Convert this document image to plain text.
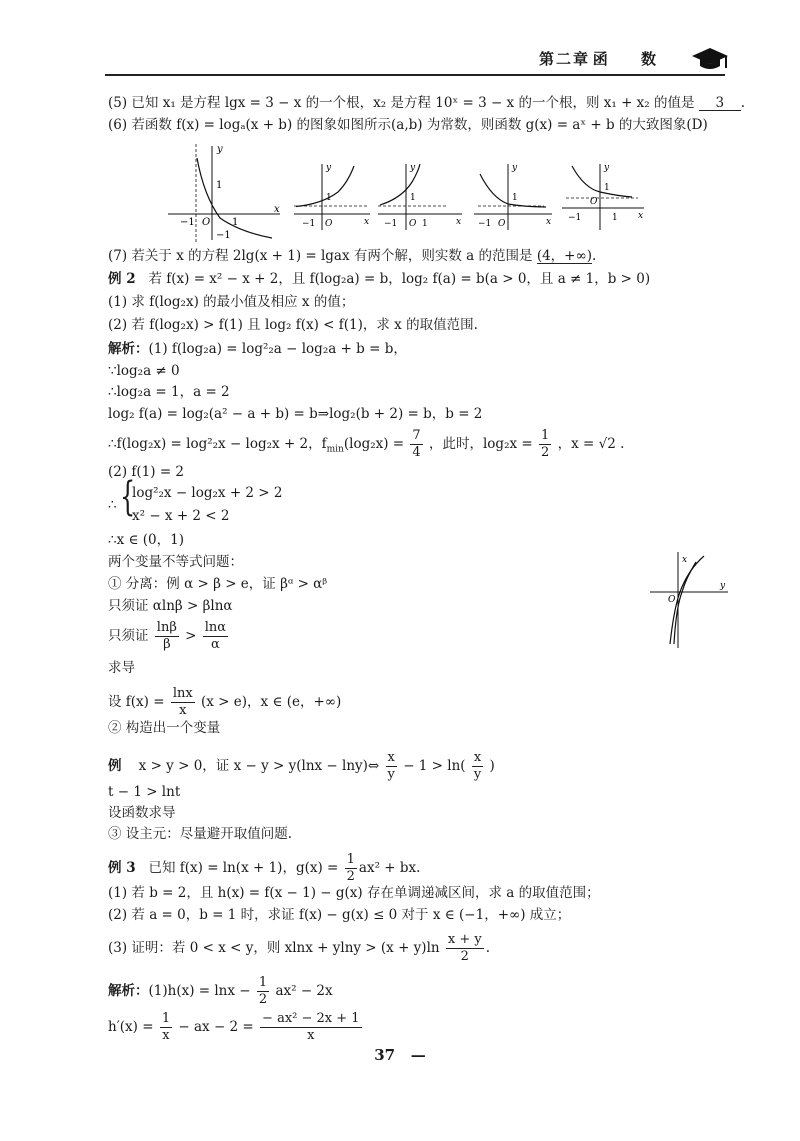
第二章 函 数
(5) 已知 x₁ 是方程 lgx = 3 − x 的一个根，x₂ 是方程 10ˣ = 3 − x 的一个根，则 x₁ + x₂ 的值是 3 .
(6) 若函数 f(x) = logₐ(x + b) 的图象如图所示(a,b) 为常数，则函数 g(x) = aˣ + b 的大致图象(D)
y
x
O
−1	1
1
−1
y
x
O
−1
1
y
x
O
−1	1
1
y
x
O
−1
1
y
x
O
−1	1
1
(7) 若关于 x 的方程 2lg(x + 1) = lgax 有两个解，则实数 a 的范围是 (4，+∞).
例 2 若 f(x) = x² − x + 2，且 f(log₂a) = b，log₂ f(a) = b(a > 0，且 a ≠ 1，b > 0)
(1) 求 f(log₂x) 的最小值及相应 x 的值；
(2) 若 f(log₂x) > f(1) 且 log₂ f(x) < f(1)，求 x 的取值范围.
解析：(1) f(log₂a) = log²₂a − log₂a + b = b，
∵log₂a ≠ 0
∴log₂a = 1，a = 2
log₂ f(a) = log₂(a² − a + b) = b⇒log₂(b + 2) = b，b = 2
∴f(log₂x) = log²₂x − log₂x + 2，$f_{min}(\log_2x) = \frac{7}{4}$ ，此时，$\log_2x = \frac{1}{2}$ ，x = √2 .
(2) f(1) = 2
∴ {
log²₂x − log₂x + 2 > 2
x² − x + 2 < 2
∴x ∈ (0，1)
两个变量不等式问题：
① 分离：例 α > β > e，证 βᵅ > αᵝ
只须证 αlnβ > βlnα
只须证 $\frac{\ln\beta}{\beta} > \frac{\ln\alpha}{\alpha}$
求导
设 $f(x) = \frac{\ln x}{x} (x > e)$，x ∈ (e，+∞)
x
y
O
② 构造出一个变量
例 x > y > 0，证 x − y > y(lnx − lny)⇔ $\frac{x}{y} - 1 > \ln( \frac{x}{y}$ )
t − 1 > lnt
设函数求导
③ 设主元：尽量避开取值问题.
例 3 已知 f(x) = ln(x + 1)，$g(x) = \frac{1}{2} ax^2$ + bx.
(1) 若 b = 2，且 h(x) = f(x − 1) − g(x) 存在单调递减区间，求 a 的取值范围；
(2) 若 a = 0，b = 1 时，求证 f(x) − g(x) ≤ 0 对于 x ∈ (−1，+∞) 成立；
(3) 证明：若 0 < x < y，则 $xlnx + ylny > (x + y)\ln \frac{x + y}{2}$ .
解析：$(1)h(x) = \ln x - \frac{1}{2} ax^2 - 2x$
$h'(x) = \frac{1}{x}$ − ax − $2 = \frac{\text{− ax² − 2x + 1}}{x}$
37 —
